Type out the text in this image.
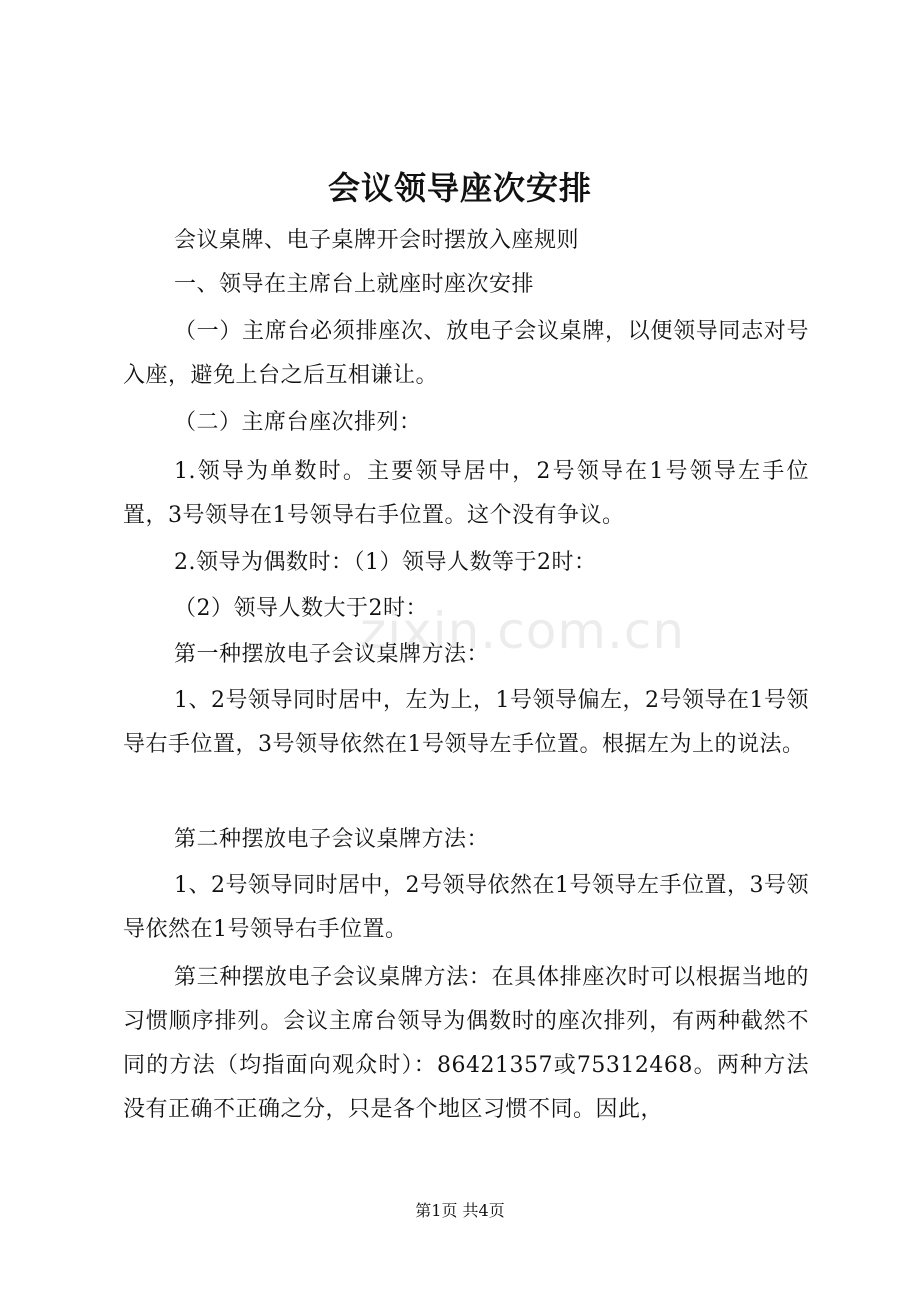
zixin.com.cn
会议领导座次安排

会议桌牌、电子桌牌开会时摆放入座规则

一、领导在主席台上就座时座次安排

（一）主席台必须排座次、放电子会议桌牌，以便领导同志对号入座，避免上台之后互相谦让。

（二）主席台座次排列：

1.领导为单数时。主要领导居中，2号领导在1号领导左手位置，3号领导在1号领导右手位置。这个没有争议。

2.领导为偶数时：（1）领导人数等于2时：

（2）领导人数大于2时：

第一种摆放电子会议桌牌方法：

1、2号领导同时居中，左为上，1号领导偏左，2号领导在1号领导右手位置，3号领导依然在1号领导左手位置。根据左为上的说法。

第二种摆放电子会议桌牌方法：

1、2号领导同时居中，2号领导依然在1号领导左手位置，3号领导依然在1号领导右手位置。

第三种摆放电子会议桌牌方法：在具体排座次时可以根据当地的习惯顺序排列。会议主席台领导为偶数时的座次排列，有两种截然不同的方法（均指面向观众时）：86421357或75312468。两种方法没有正确不正确之分，只是各个地区习惯不同。因此，

第1页 共4页
